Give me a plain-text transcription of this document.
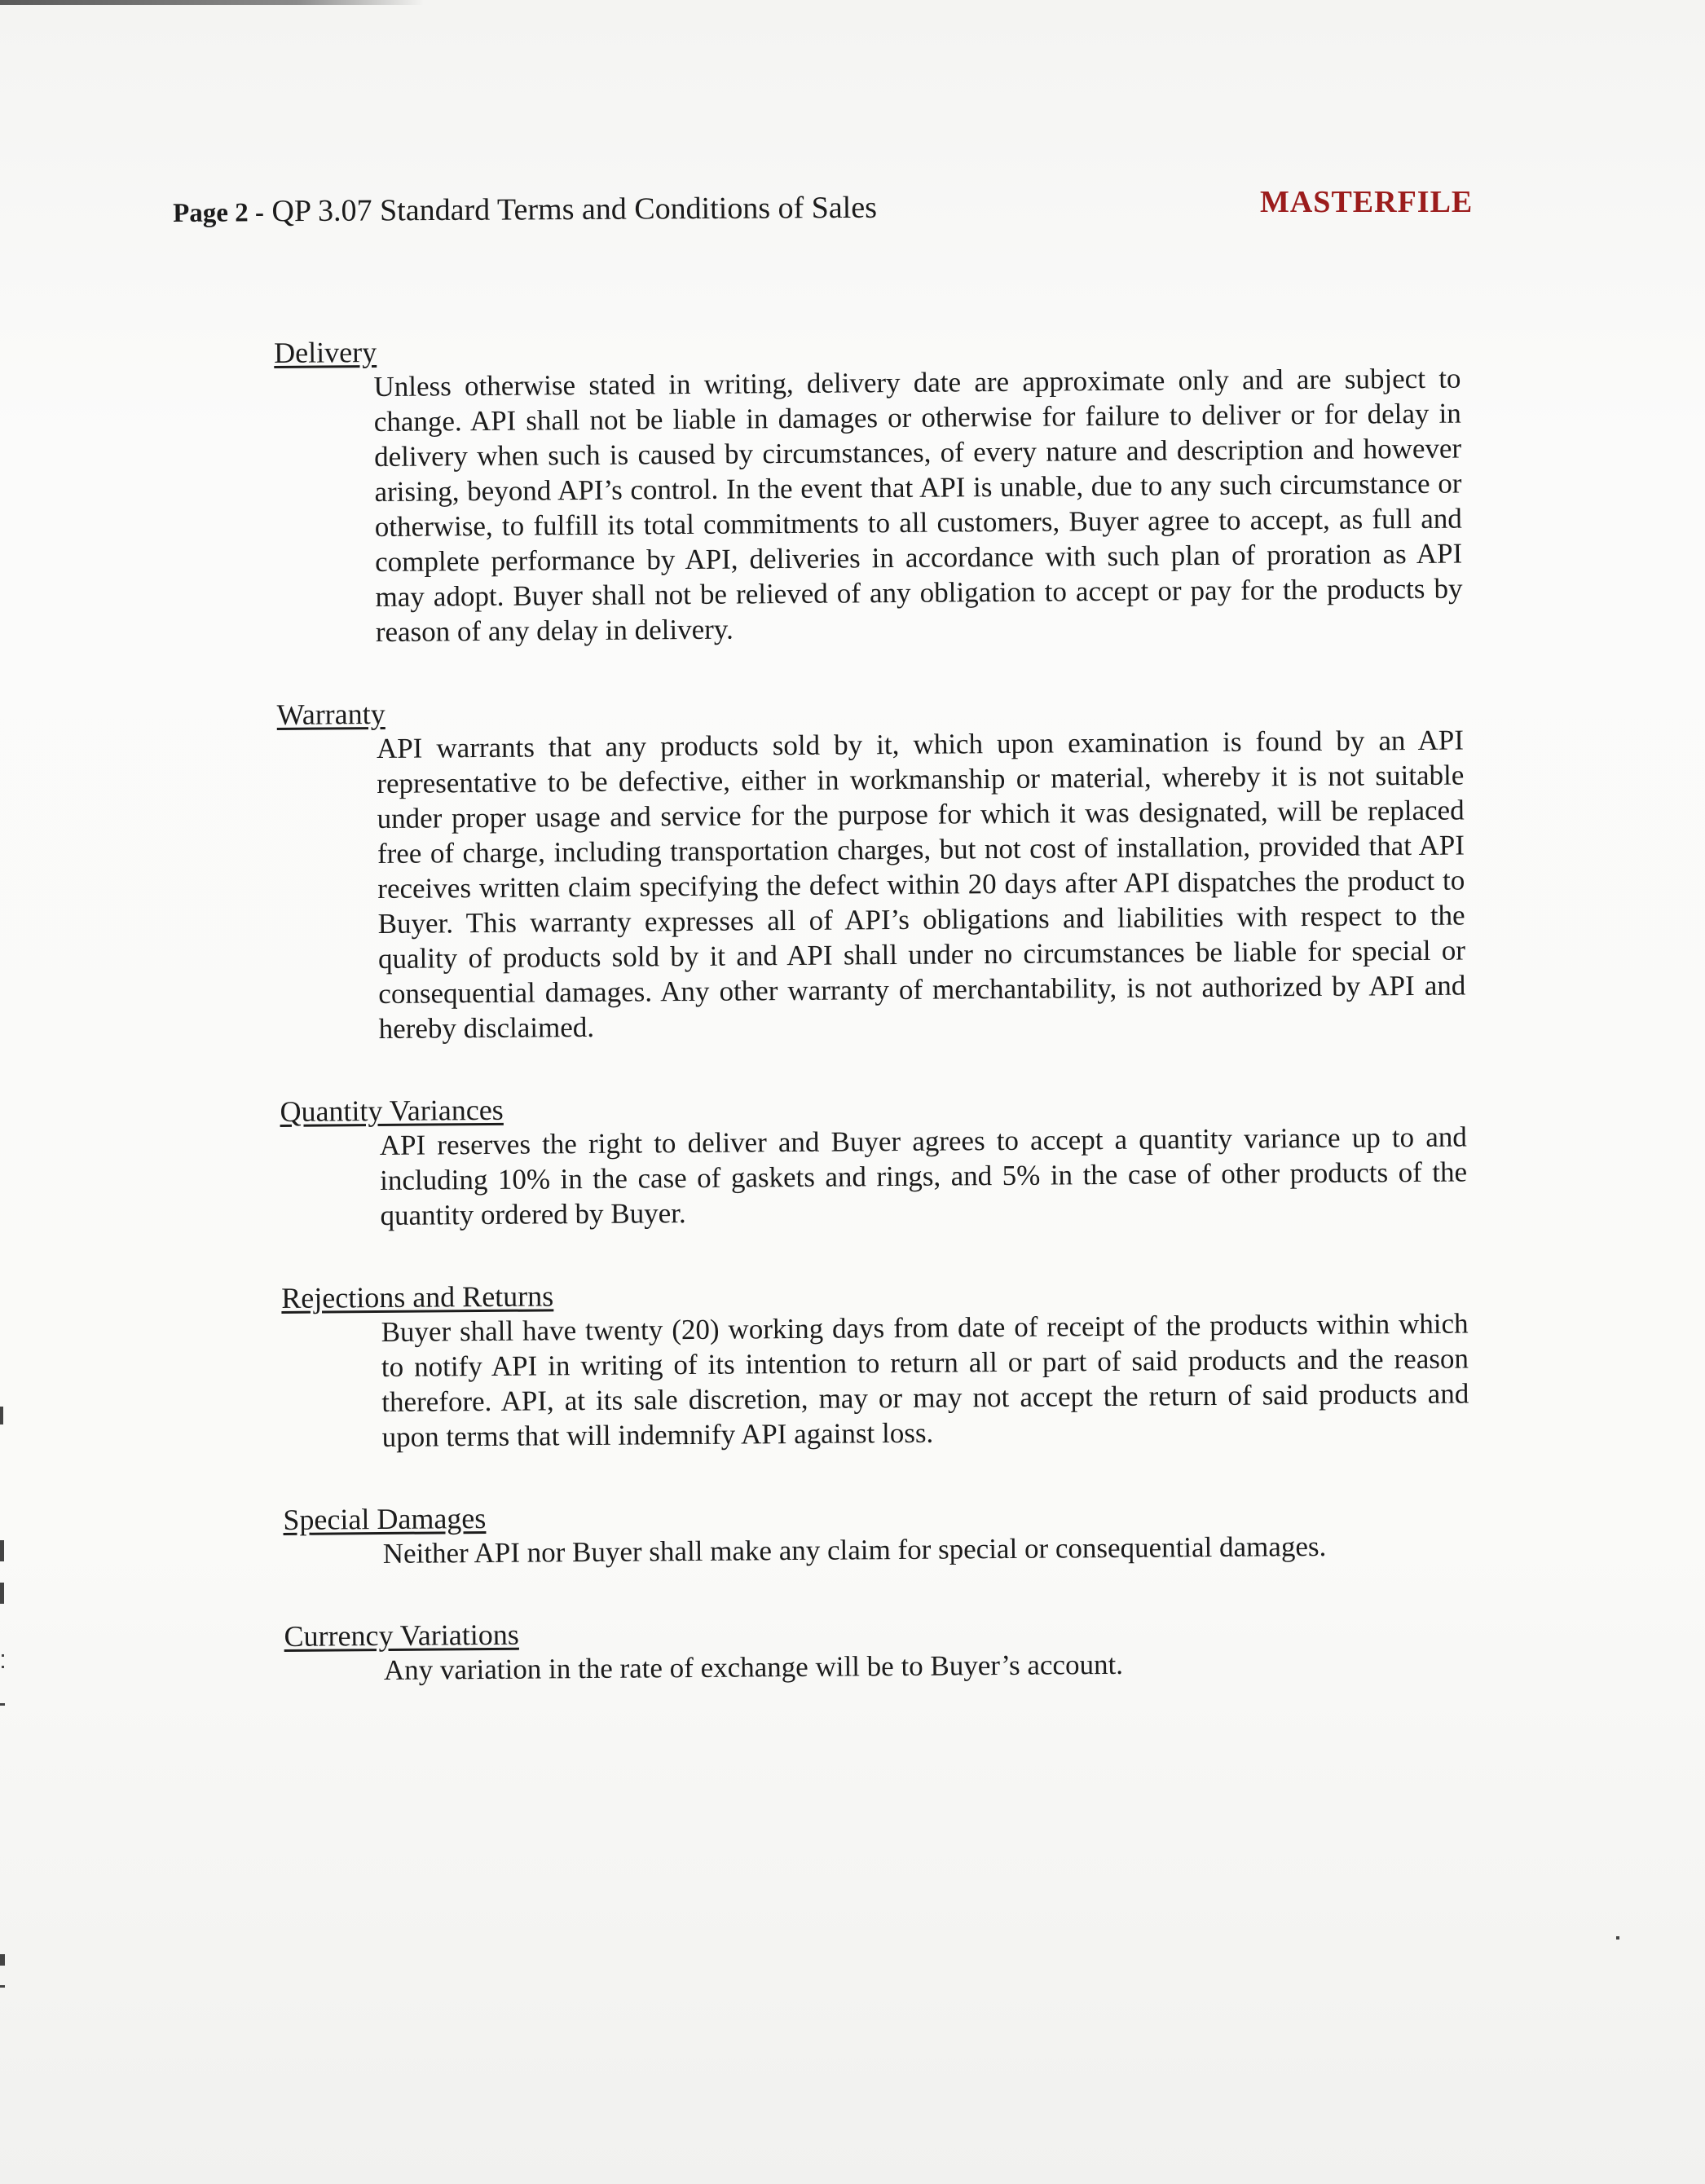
Page 2 - QP 3.07 Standard Terms and Conditions of Sales	MASTERFILE

Delivery

Unless otherwise stated in writing, delivery date are approximate only and are subject to change. API shall not be liable in damages or otherwise for failure to deliver or for delay in delivery when such is caused by circumstances, of every nature and description and however arising, beyond API’s control. In the event that API is unable, due to any such circumstance or otherwise, to fulfill its total commitments to all customers, Buyer agree to accept, as full and complete performance by API, deliveries in accordance with such plan of proration as API may adopt. Buyer shall not be relieved of any obligation to accept or pay for the products by reason of any delay in delivery.

Warranty

API warrants that any products sold by it, which upon examination is found by an API representative to be defective, either in workmanship or material, whereby it is not suitable under proper usage and service for the purpose for which it was designated, will be replaced free of charge, including transportation charges, but not cost of installation, provided that API receives written claim specifying the defect within 20 days after API dispatches the product to Buyer. This warranty expresses all of API’s obligations and liabilities with respect to the quality of products sold by it and API shall under no circumstances be liable for special or consequential damages. Any other warranty of merchantability, is not authorized by API and hereby disclaimed.

Quantity Variances

API reserves the right to deliver and Buyer agrees to accept a quantity variance up to and including 10% in the case of gaskets and rings, and 5% in the case of other products of the quantity ordered by Buyer.

Rejections and Returns

Buyer shall have twenty (20) working days from date of receipt of the products within which to notify API in writing of its intention to return all or part of said products and the reason therefore. API, at its sale discretion, may or may not accept the return of said products and upon terms that will indemnify API against loss.

Special Damages

Neither API nor Buyer shall make any claim for special or consequential damages.

Currency Variations

Any variation in the rate of exchange will be to Buyer’s account.
